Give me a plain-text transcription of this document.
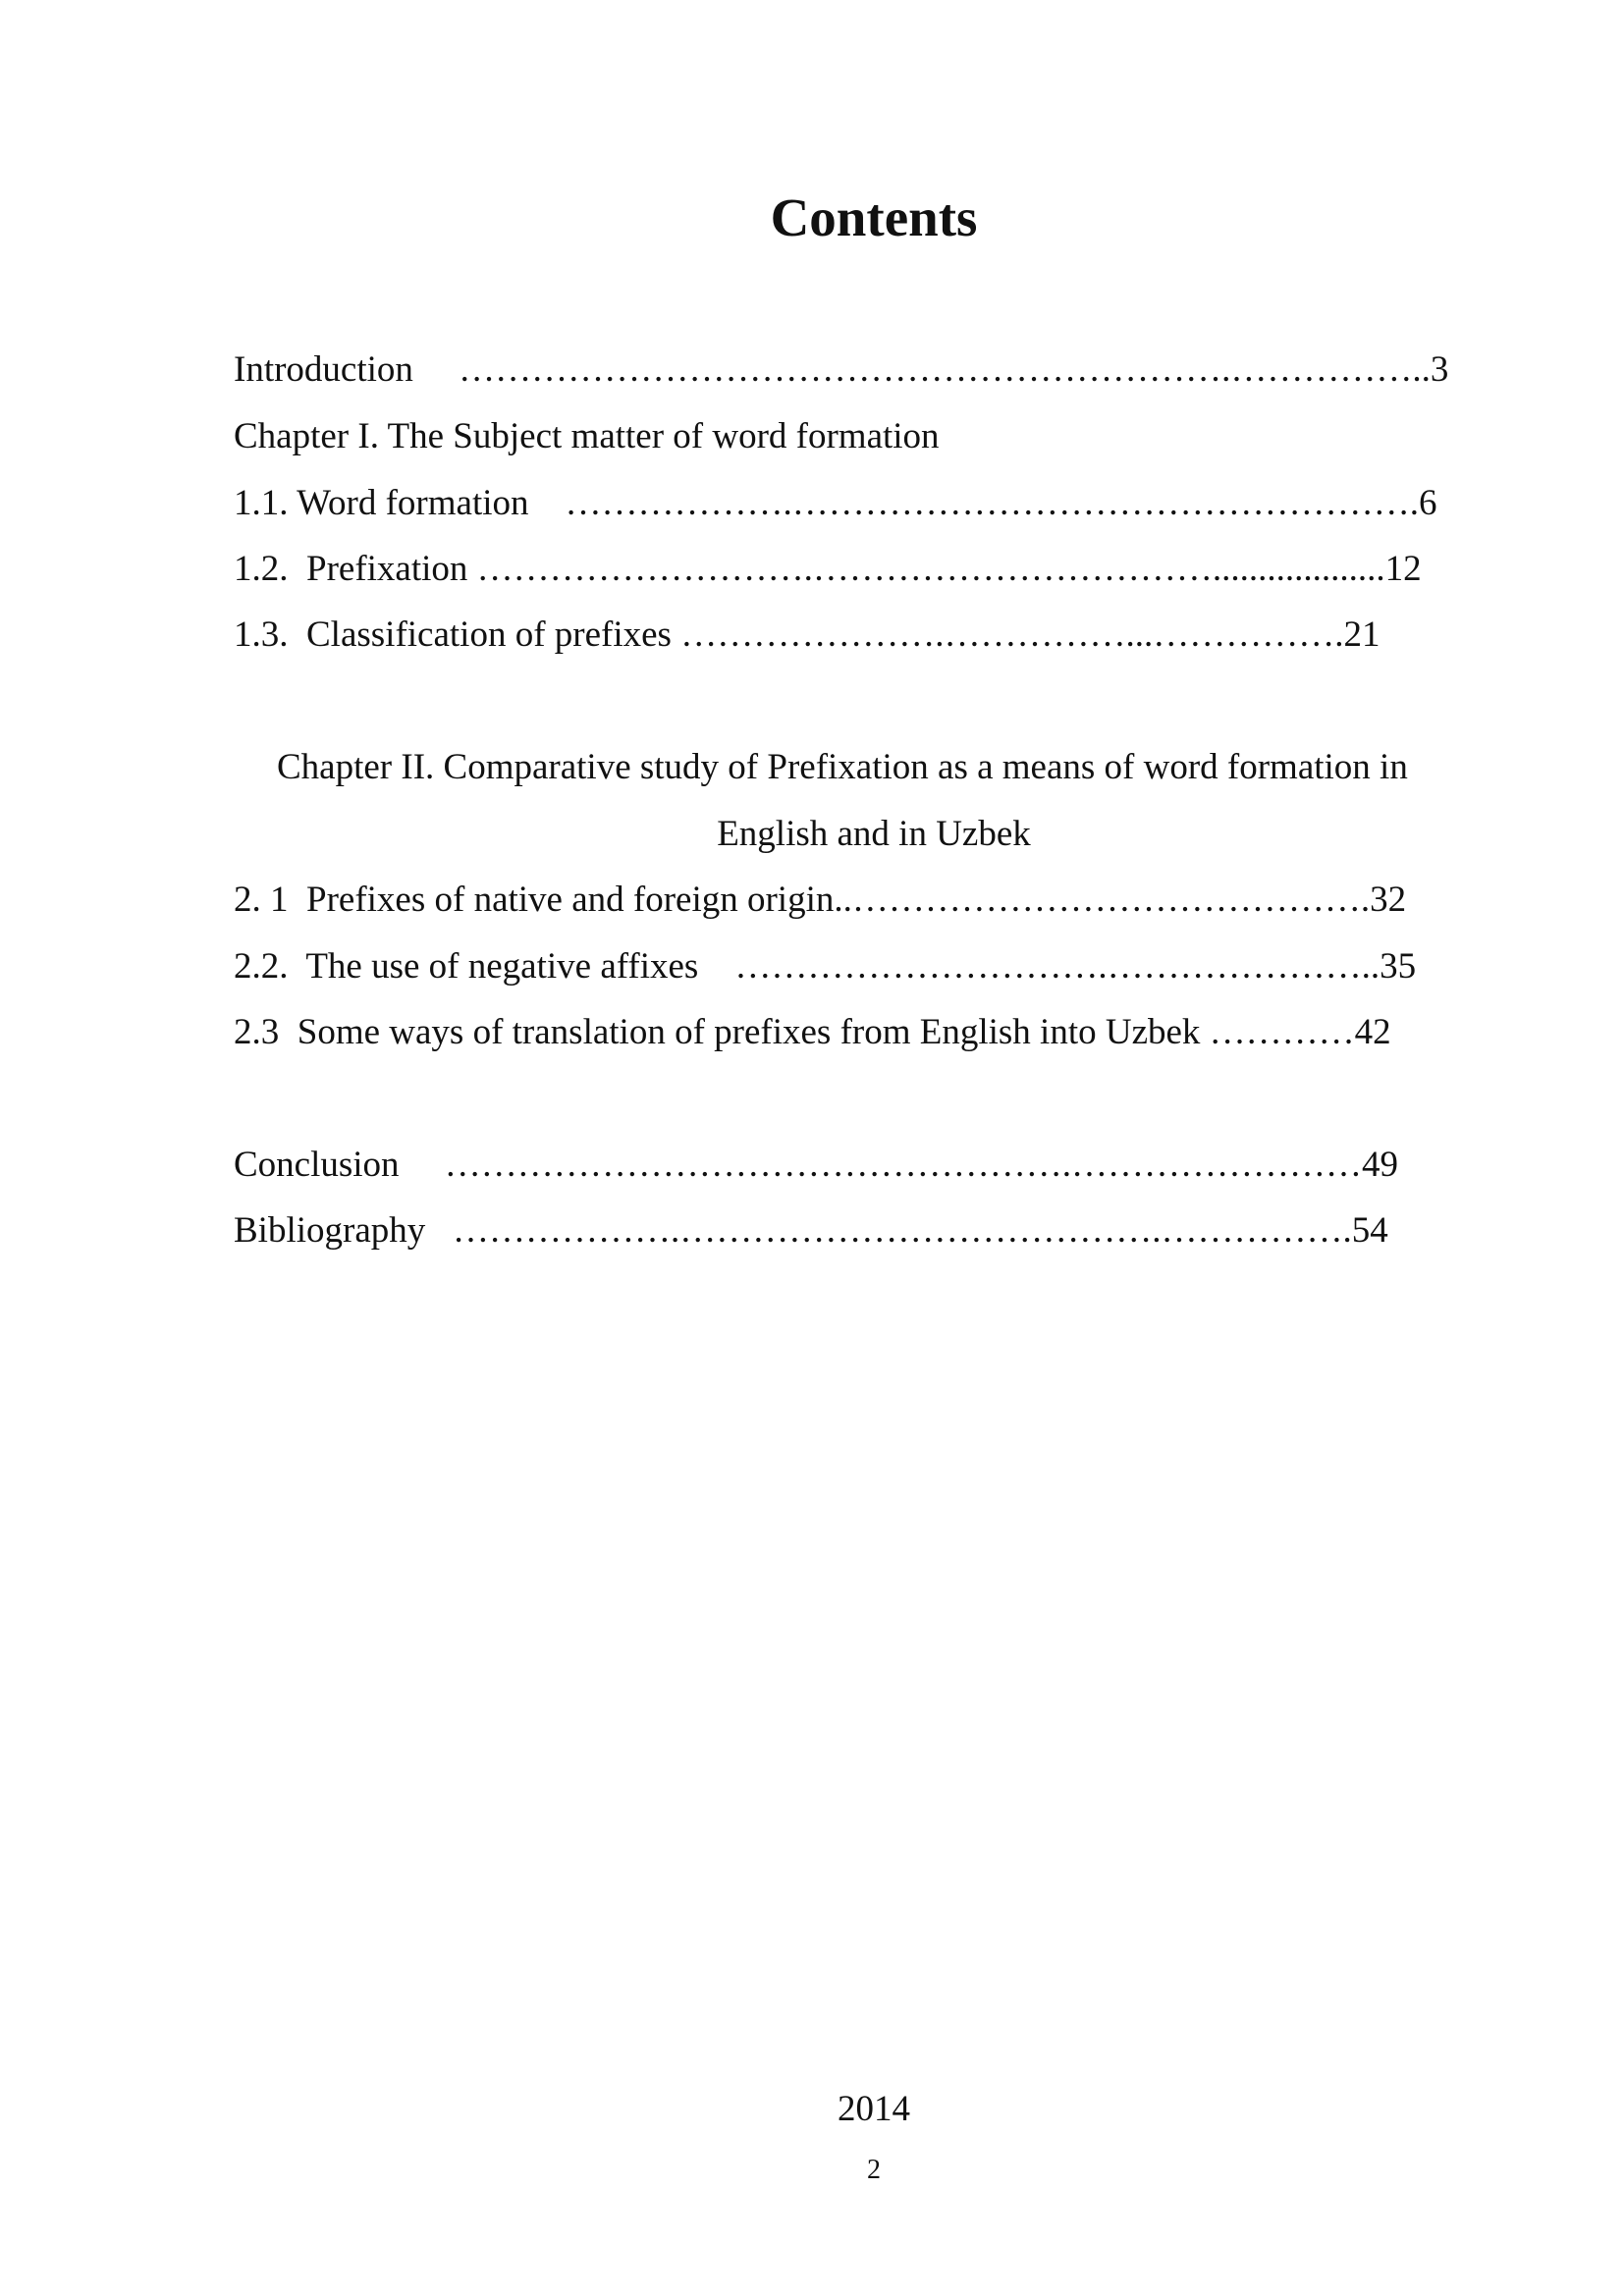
Contents
Introduction     ……………………………………………………….……………..3
Chapter I. The Subject matter of word formation
1.1. Word formation    ……………….…………………………………………….6
1.2.  Prefixation ……………………….……………………………...................12
1.3.  Classification of prefixes ………………….……………...…………….21
Chapter II. Comparative study of Prefixation as a means of word formation in
English and in Uzbek
2. 1  Prefixes of native and foreign origin..…………………………………….32
2.2.  The use of negative affixes    ………………………….…………………..35
2.3  Some ways of translation of prefixes from English into Uzbek …………42
Conclusion     …………………………………………….……………………49
Bibliography   ……………….………………………………….…………….54
2014
2
